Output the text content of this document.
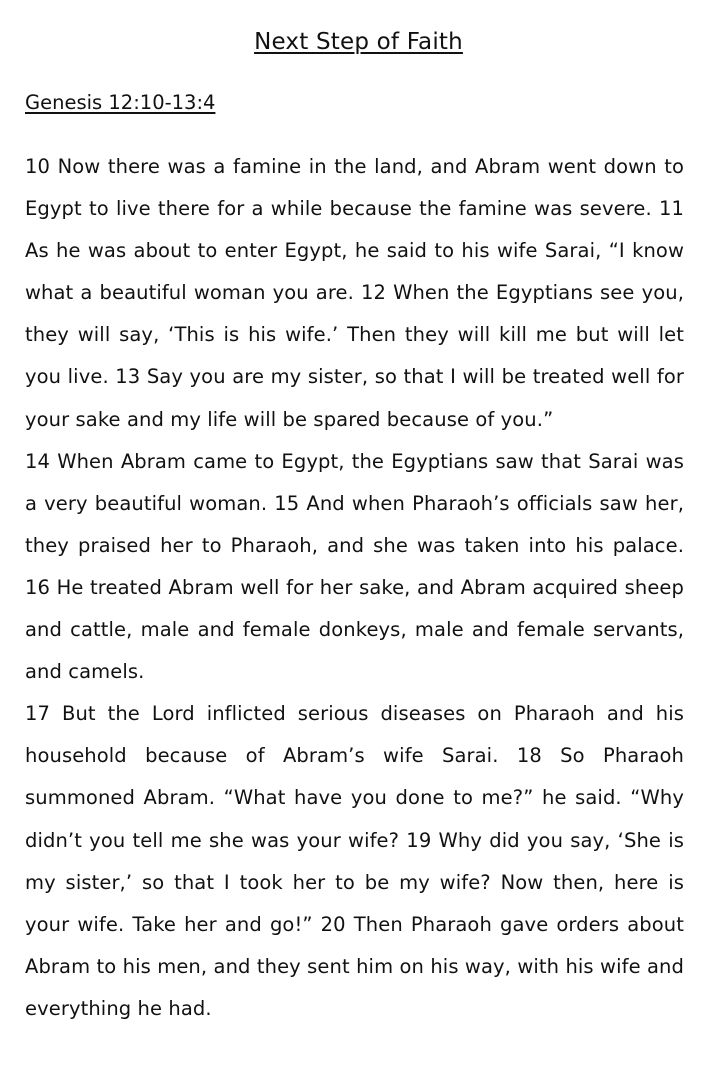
Next Step of Faith
Genesis 12:10-13:4

10 Now there was a famine in the land, and Abram went down to Egypt to live there for a while because the famine was severe. 11 As he was about to enter Egypt, he said to his wife Sarai, “I know what a beautiful woman you are. 12 When the Egyptians see you, they will say, ‘This is his wife.’ Then they will kill me but will let you live. 13 Say you are my sister, so that I will be treated well for your sake and my life will be spared because of you.”

14 When Abram came to Egypt, the Egyptians saw that Sarai was a very beautiful woman. 15 And when Pharaoh’s officials saw her, they praised her to Pharaoh, and she was taken into his palace. 16 He treated Abram well for her sake, and Abram acquired sheep and cattle, male and female donkeys, male and female servants, and camels.

17 But the Lord inflicted serious diseases on Pharaoh and his household because of Abram’s wife Sarai. 18 So Pharaoh summoned Abram. “What have you done to me?” he said. “Why didn’t you tell me she was your wife? 19 Why did you say, ‘She is my sister,’ so that I took her to be my wife? Now then, here is your wife. Take her and go!” 20 Then Pharaoh gave orders about Abram to his men, and they sent him on his way, with his wife and everything he had.
